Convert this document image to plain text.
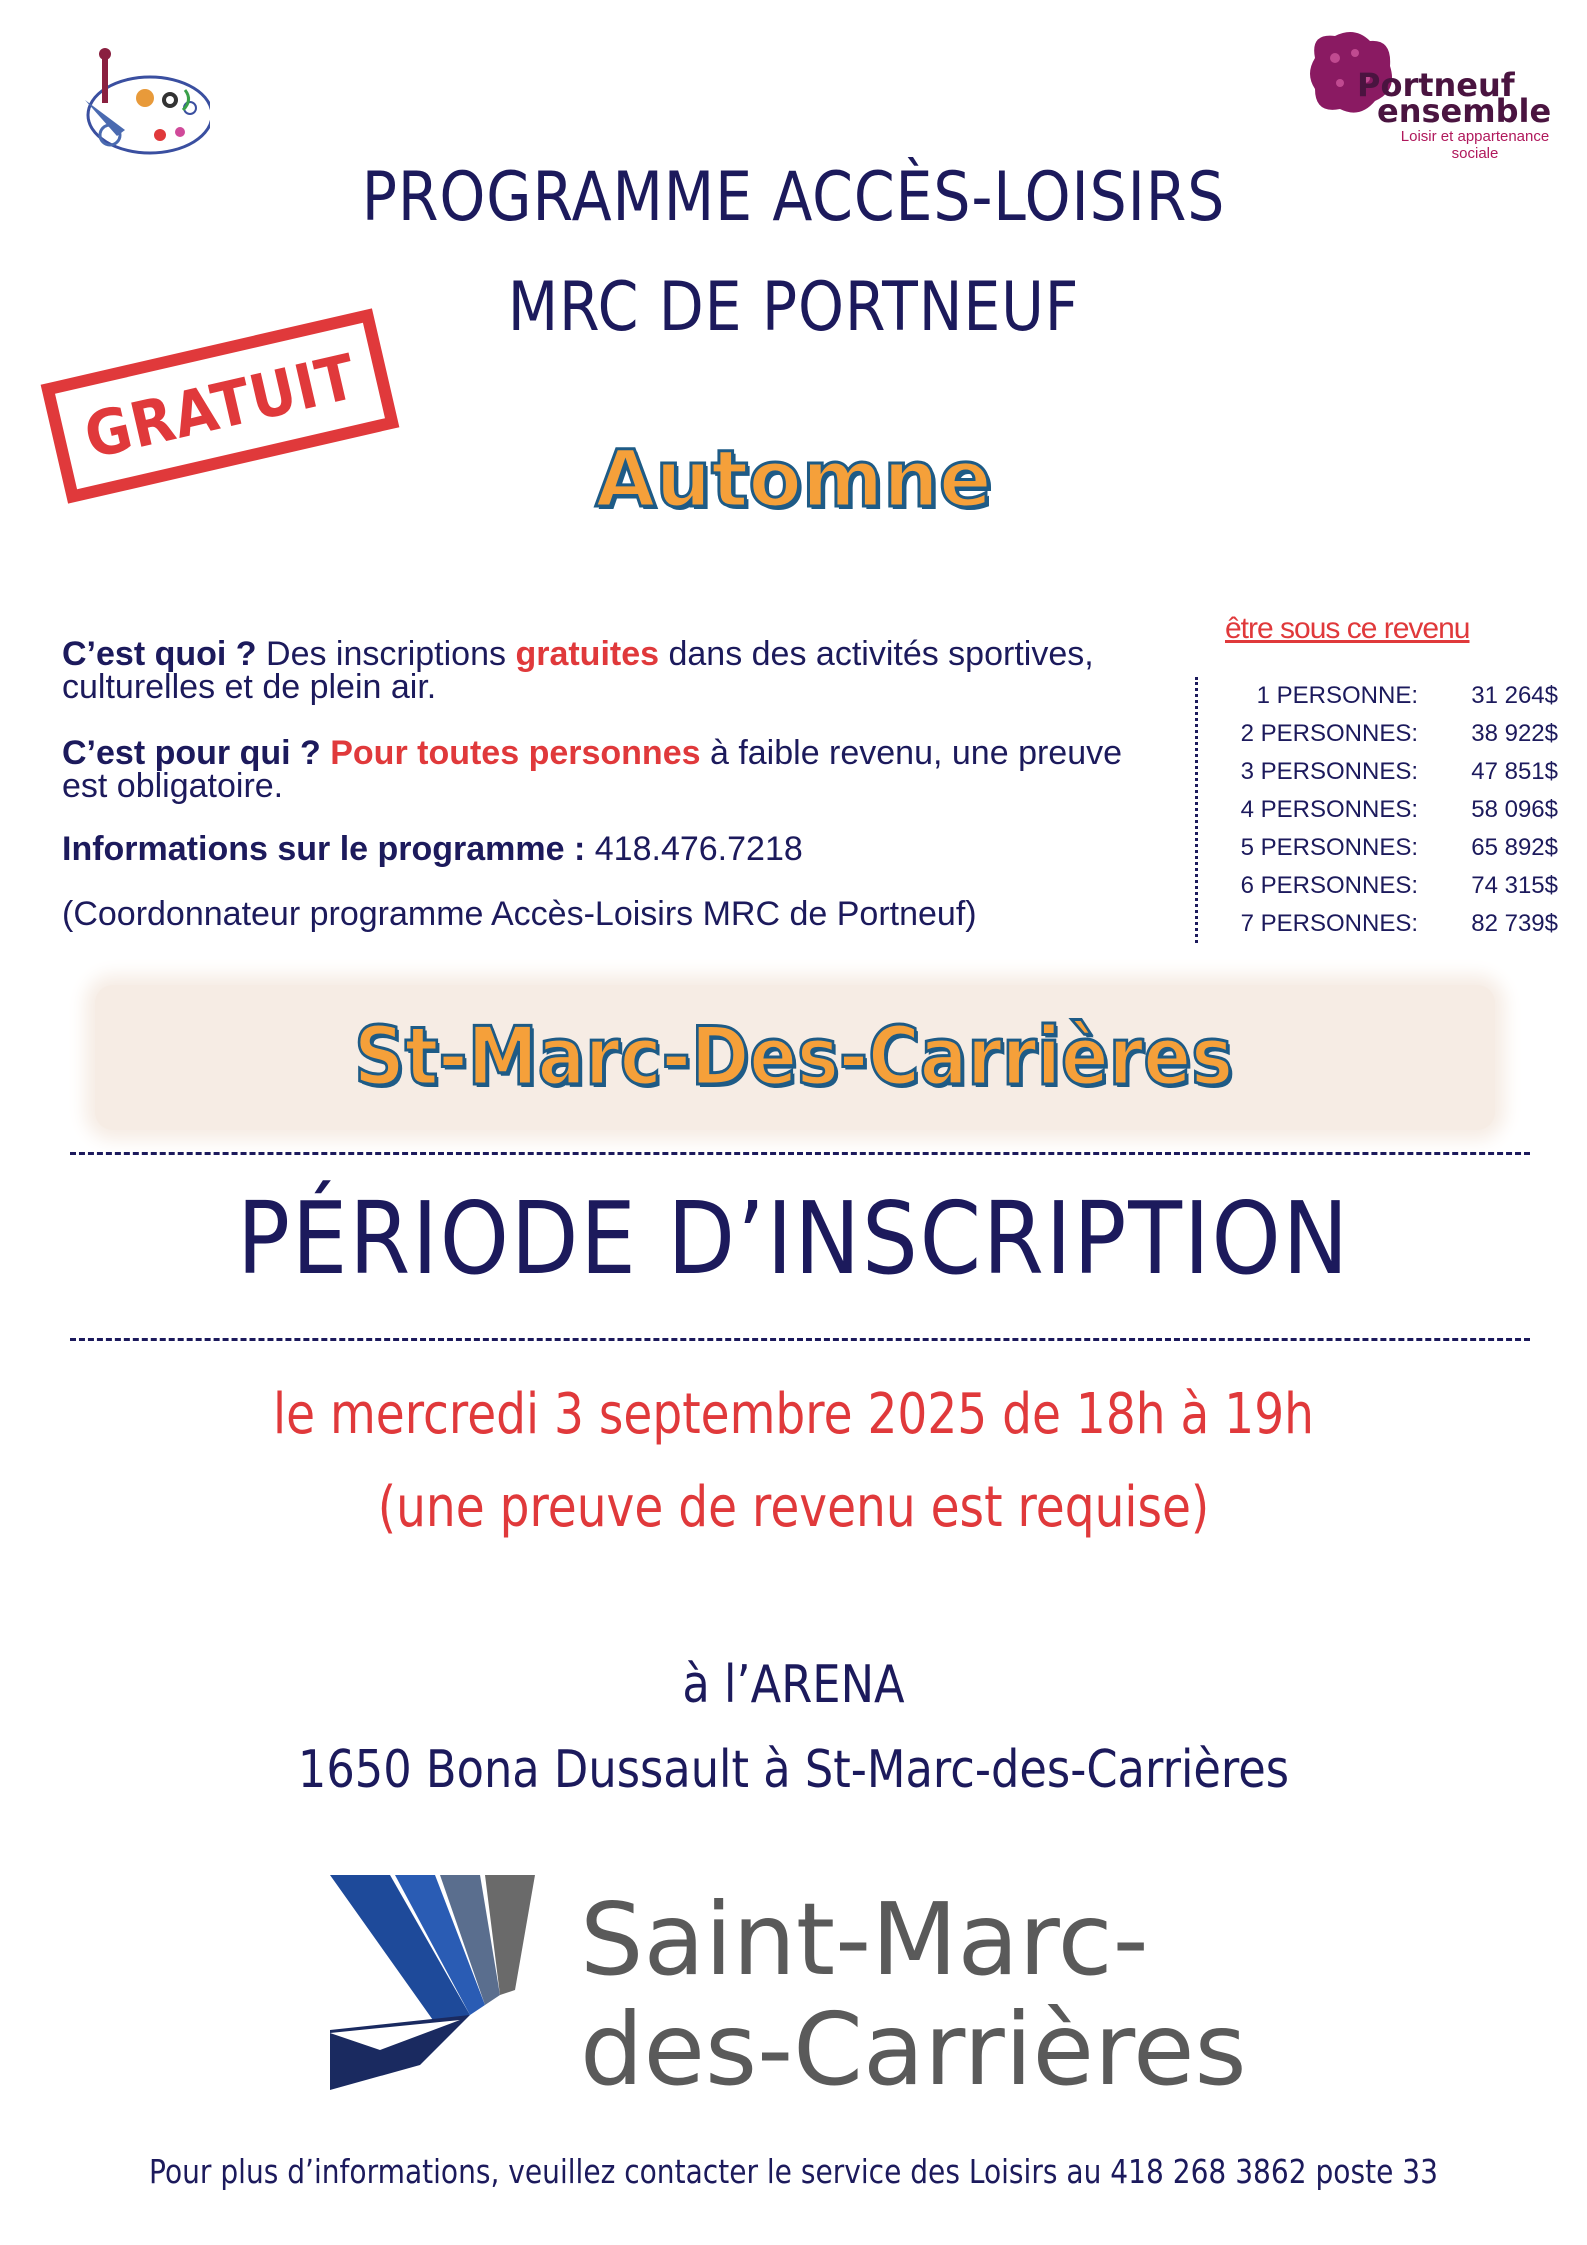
Portneuf
ensemble
Loisir et appartenance
sociale
PROGRAMME ACCÈS-LOISIRS
MRC DE PORTNEUF
GRATUIT
Automne
C’est quoi ? Des inscriptions gratuites dans des activités sportives, culturelles et de plein air.
C’est pour qui ? Pour toutes personnes à faible revenu, une preuve est obligatoire.
Informations sur le programme : 418.476.7218
(Coordonnateur programme Accès-Loisirs MRC de Portneuf)
être sous ce revenu
1 PERSONNE:	31 264$
2 PERSONNES:	38 922$
3 PERSONNES:	47 851$
4 PERSONNES:	58 096$
5 PERSONNES:	65 892$
6 PERSONNES:	74 315$
7 PERSONNES:	82 739$
St-Marc-Des-Carrières
PÉRIODE D’INSCRIPTION
le mercredi 3 septembre 2025 de 18h à 19h
(une preuve de revenu est requise)
à l’ARENA
1650 Bona Dussault à St-Marc-des-Carrières
Saint-Marc-
des-Carrières
Pour plus d’informations, veuillez contacter le service des Loisirs au 418 268 3862 poste 33
